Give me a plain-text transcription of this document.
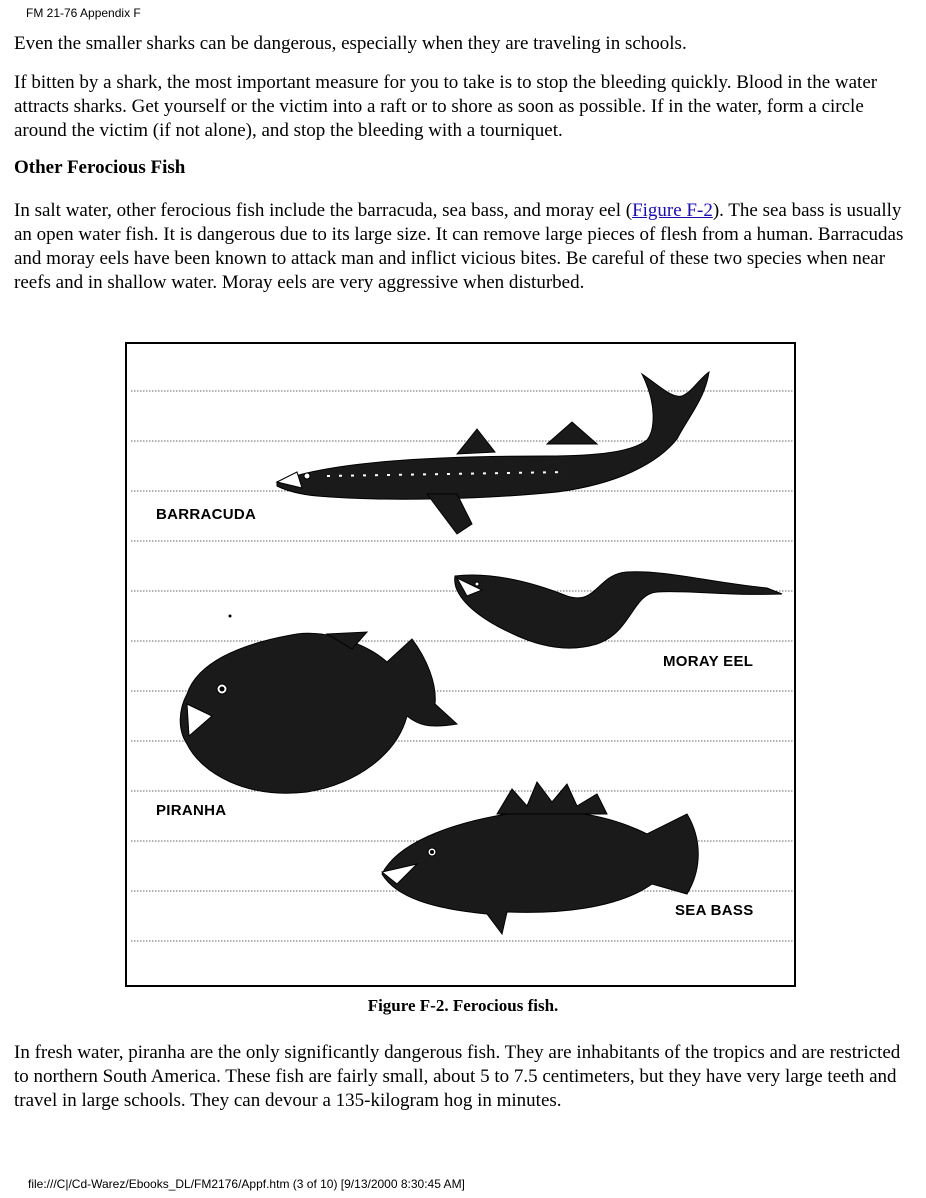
FM 21-76 Appendix F

Even the smaller sharks can be dangerous, especially when they are traveling in schools.

If bitten by a shark, the most important measure for you to take is to stop the bleeding quickly. Blood in the water attracts sharks. Get yourself or the victim into a raft or to shore as soon as possible. If in the water, form a circle around the victim (if not alone), and stop the bleeding with a tourniquet.

Other Ferocious Fish

In salt water, other ferocious fish include the barracuda, sea bass, and moray eel (Figure F-2). The sea bass is usually an open water fish. It is dangerous due to its large size. It can remove large pieces of flesh from a human. Barracudas and moray eels have been known to attack man and inflict vicious bites. Be careful of these two species when near reefs and in shallow water. Moray eels are very aggressive when disturbed.

BARRACUDA
MORAY EEL
PIRANHA
SEA BASS
Figure F-2. Ferocious fish.

In fresh water, piranha are the only significantly dangerous fish. They are inhabitants of the tropics and are restricted to northern South America. These fish are fairly small, about 5 to 7.5 centimeters, but they have very large teeth and travel in large schools. They can devour a 135-kilogram hog in minutes.

file:///C|/Cd-Warez/Ebooks_DL/FM2176/Appf.htm (3 of 10) [9/13/2000 8:30:45 AM]
